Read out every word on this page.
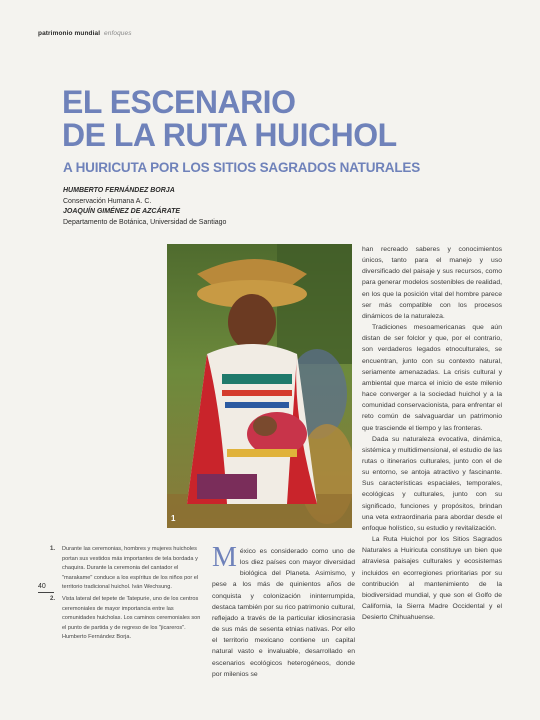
patrimonio mundial enfoques
EL ESCENARIO
DE LA RUTA HUICHOL
A HUIRICUTA POR LOS SITIOS SAGRADOS NATURALES
HUMBERTO FERNÁNDEZ BORJA
Conservación Humana A. C.
JOAQUÍN GIMÉNEZ DE AZCÁRATE
Departamento de Botánica, Universidad de Santiago
1
1. Durante las ceremonias, hombres y mujeres huicholes portan sus vestidos más importantes de tela bordada y chaquira. Durante la ceremonia del cantador el "marakame" conduce a los espíritus de los niños por el territorio tradicional huichol. Iván Wechsung.
2. Vista lateral del tepete de Tatepurie, uno de los centros ceremoniales de mayor importancia entre las comunidades huicholas. Los caminos ceremoniales son el punto de partida y de regreso de los "jicareros". Humberto Fernández Borja.
40
M éxico es considerado como uno de los diez países con mayor diversidad biológica del Planeta. Asimismo, y pese a los más de quinientos años de conquista y colonización ininterrumpida, destaca también por su rico patrimonio cultural, reflejado a través de la particular idiosincrasia de sus más de sesenta etnias nativas. Por ello el territorio mexicano contiene un capital natural vasto e invaluable, desarrollado en escenarios ecológicos heterogéneos, donde por milenios se

han recreado saberes y conocimientos únicos, tanto para el manejo y uso diversificado del paisaje y sus recursos, como para generar modelos sostenibles de realidad, en los que la posición vital del hombre parece ser más compatible con los procesos dinámicos de la naturaleza.

Tradiciones mesoamericanas que aún distan de ser folclor y que, por el contrario, son verdaderos legados etnoculturales, se encuentran, junto con su contexto natural, seriamente amenazadas. La crisis cultural y ambiental que marca el inicio de este milenio hace converger a la sociedad huichol y a la comunidad conservacionista, para enfrentar el reto común de salvaguardar un patrimonio que trasciende el tiempo y las fronteras.

Dada su naturaleza evocativa, dinámica, sistémica y multidimensional, el estudio de las rutas o itinerarios culturales, junto con el de su entorno, se antoja atractivo y fascinante. Sus características espaciales, temporales, ecológicas y culturales, junto con su significado, funciones y propósitos, brindan una veta extraordinaria para abordar desde el enfoque holístico, su estudio y revitalización.

La Ruta Huichol por los Sitios Sagrados Naturales a Huiricuta constituye un bien que atraviesa paisajes culturales y ecosistemas incluidos en ecorregiones prioritarias por su contribución al mantenimiento de la biodiversidad mundial, y que son el Golfo de California, la Sierra Madre Occidental y el Desierto Chihuahuense.
